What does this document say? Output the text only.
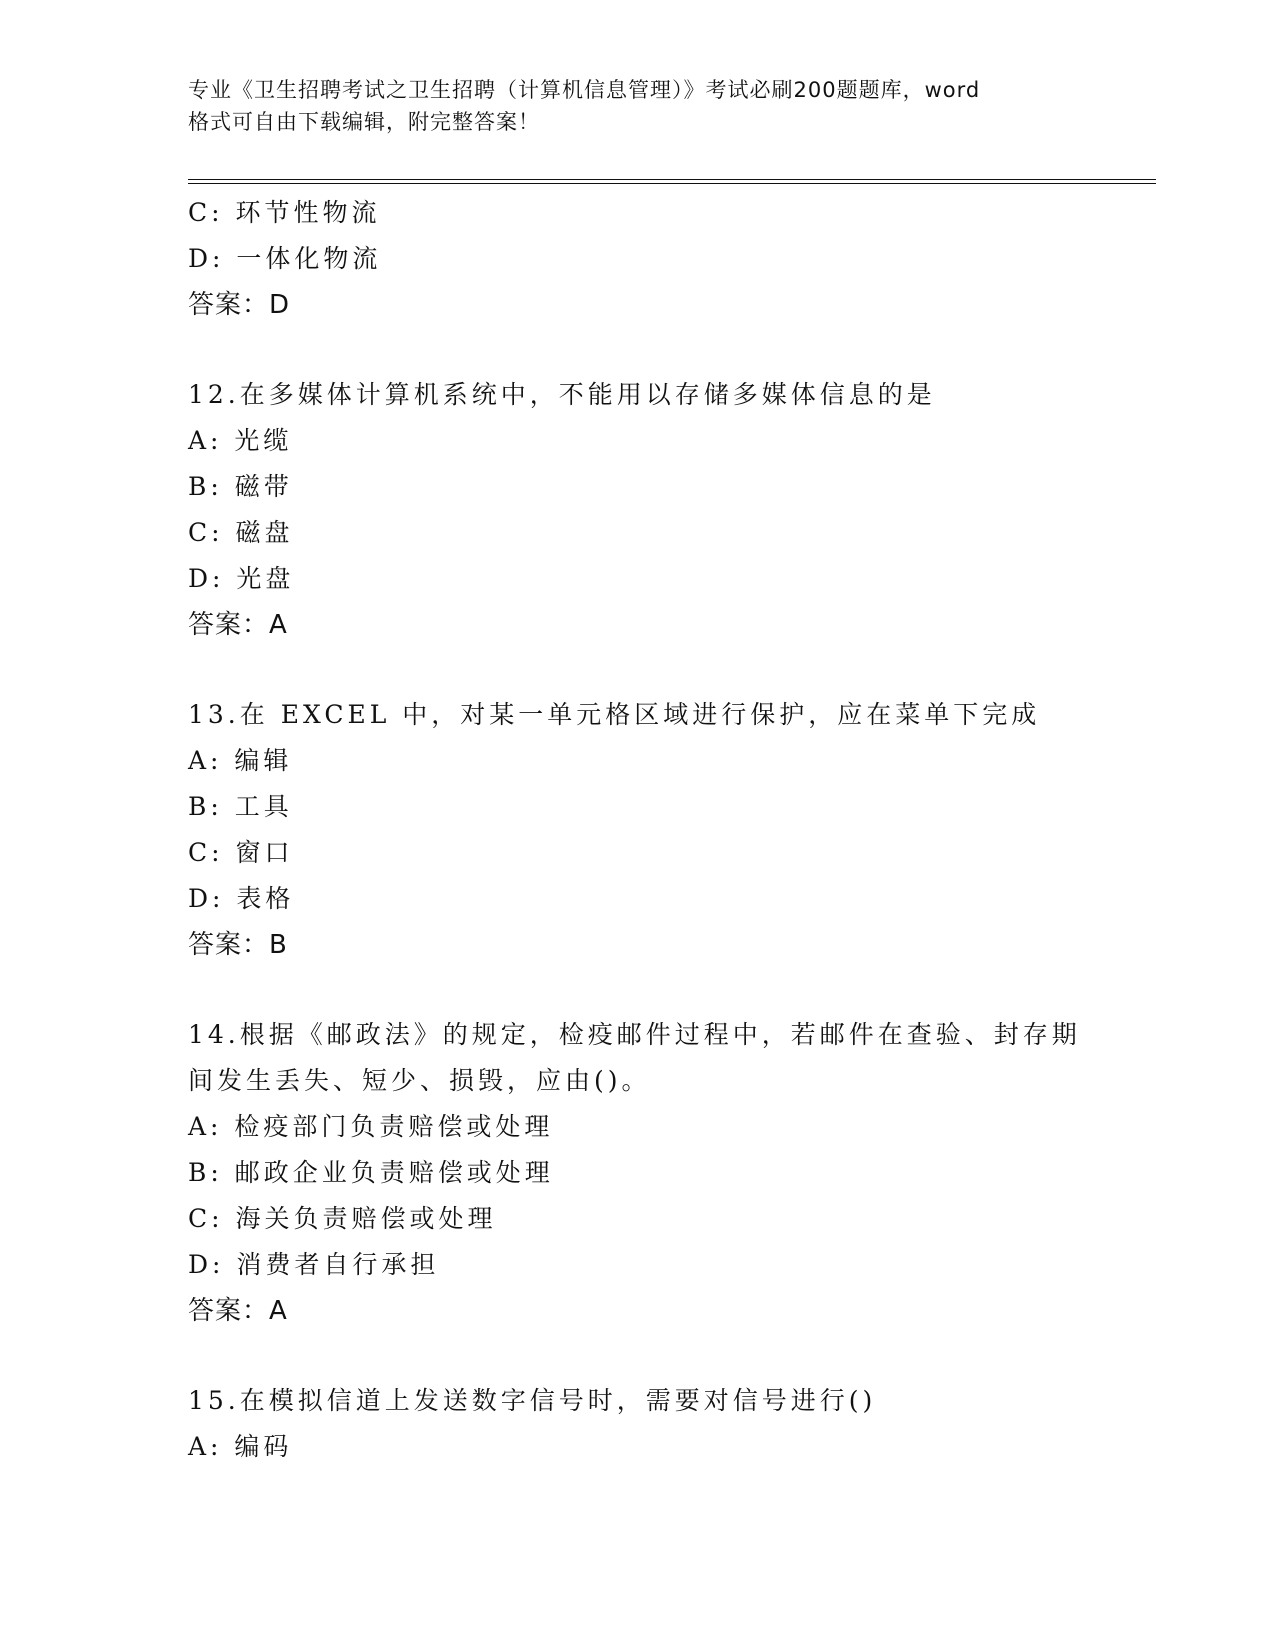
专业《卫生招聘考试之卫生招聘（计算机信息管理）》考试必刷200题题库，word
格式可自由下载编辑，附完整答案！
C: 环节性物流
D: 一体化物流
答案：D
12.在多媒体计算机系统中，不能用以存储多媒体信息的是
A: 光缆
B: 磁带
C: 磁盘
D: 光盘
答案：A
13.在 EXCEL 中，对某一单元格区域进行保护，应在菜单下完成
A: 编辑
B: 工具
C: 窗口
D: 表格
答案：B
14.根据《邮政法》的规定，检疫邮件过程中，若邮件在查验、封存期
间发生丢失、短少、损毁，应由()。
A: 检疫部门负责赔偿或处理
B: 邮政企业负责赔偿或处理
C: 海关负责赔偿或处理
D: 消费者自行承担
答案：A
15.在模拟信道上发送数字信号时，需要对信号进行()
A: 编码
